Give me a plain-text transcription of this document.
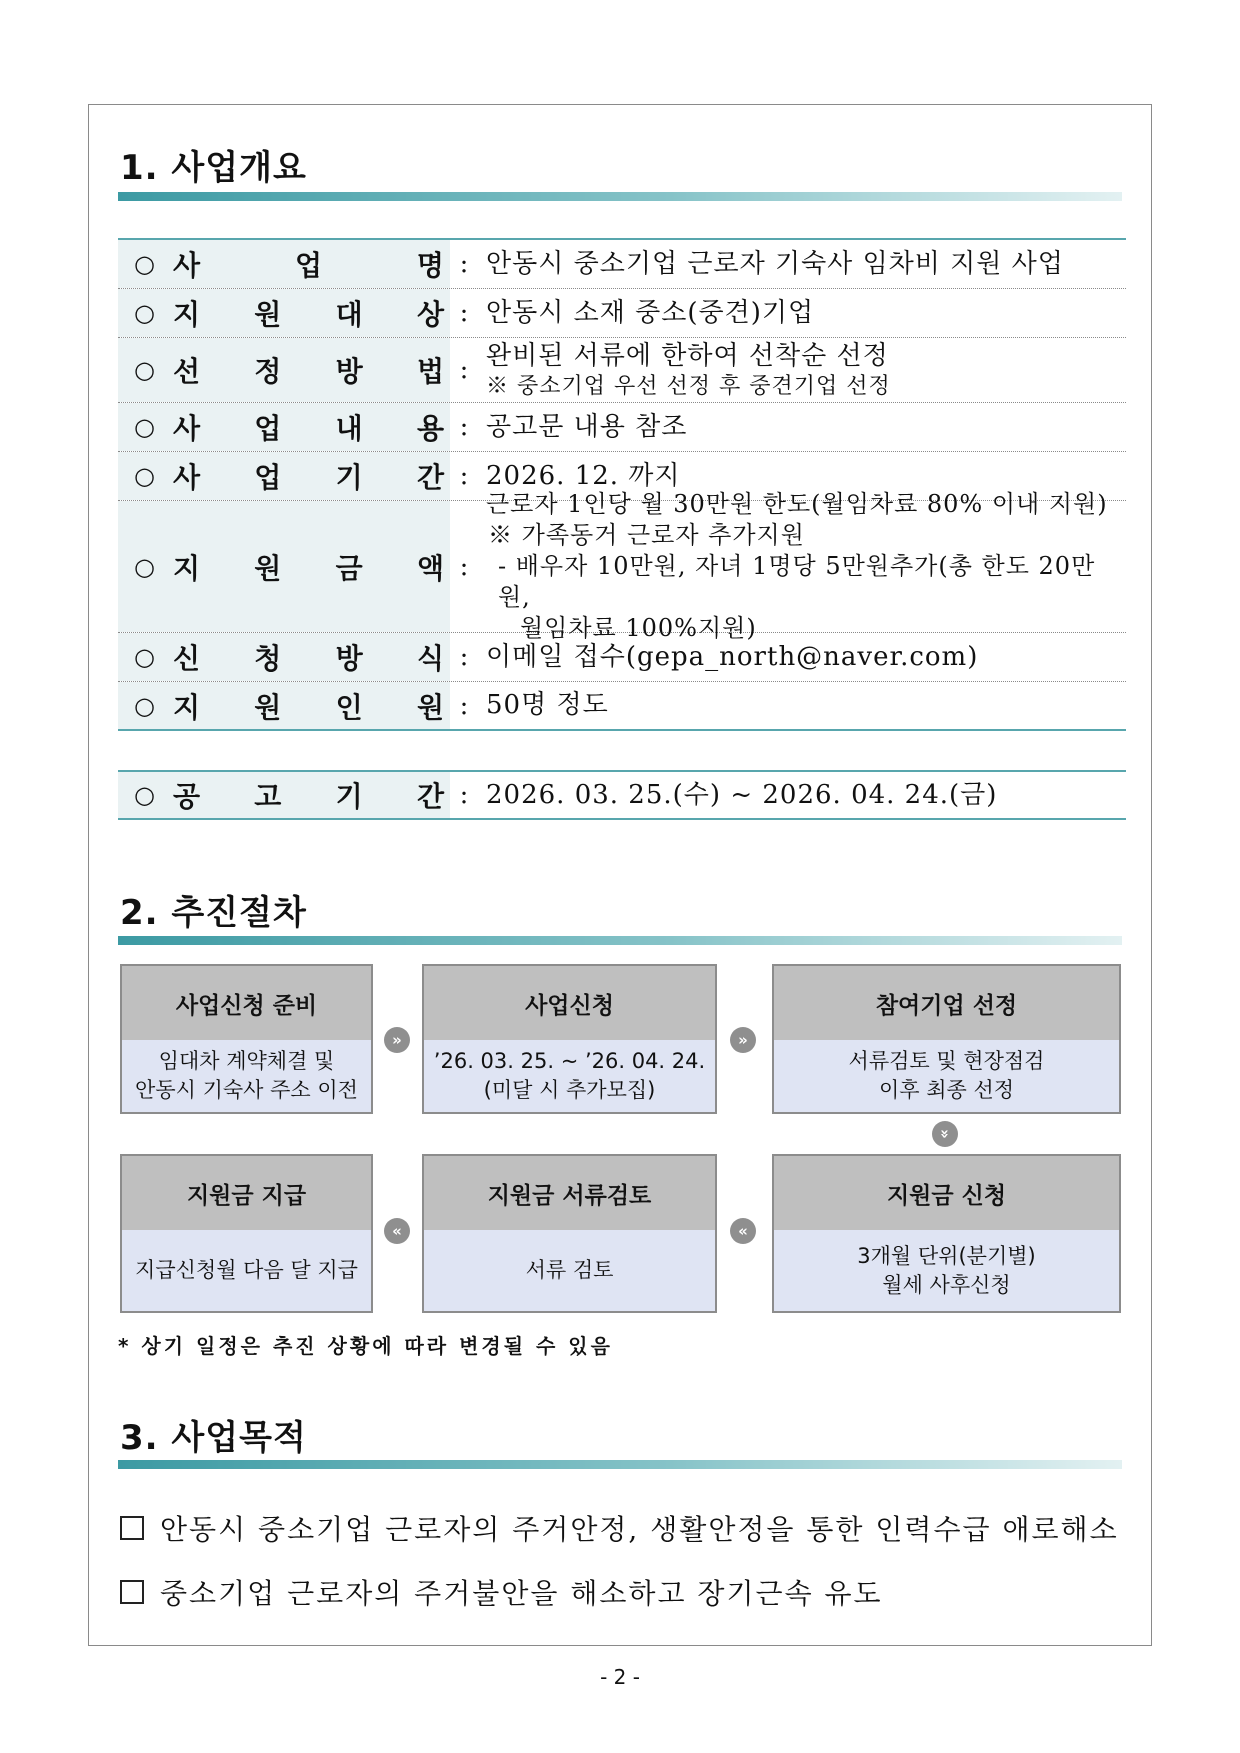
1. 사업개요
○ 사	업	명 : 안동시 중소기업 근로자 기숙사 임차비 지원 사업
○ 지 원 대 상 : 안동시 소재 중소(중견)기업
○ 선 정 방 법 : 완비된 서류에 한하여 선착순 선정
※ 중소기업 우선 선정 후 중견기업 선정
○ 사 업 내 용 : 공고문 내용 참조
○ 사 업 기 간 : 2026. 12. 까지
○ 지 원 금 액 :
근로자 1인당 월 30만원 한도(월임차료 80% 이내 지원)
※ 가족동거 근로자 추가지원
- 배우자 10만원, 자녀 1명당 5만원추가(총 한도 20만원,
월임차료 100%지원)
○ 신 청 방 식 : 이메일 접수(gepa_north@naver.com)
○ 지 원 인 원 : 50명 정도
○ 공 고 기 간 : 2026. 03. 25.(수) ~ 2026. 04. 24.(금)
2. 추진절차
사업신청 준비
임대차 계약체결 및
안동시 기숙사 주소 이전
사업신청
’26. 03. 25. ~ ’26. 04. 24.
(미달 시 추가모집)
참여기업 선정
서류검토 및 현장점검
이후 최종 선정
지원금 지급
지급신청월 다음 달 지급
지원금 서류검토
서류 검토
지원금 신청
3개월 단위(분기별)
월세 사후신청
»	»
»
«	«
* 상기 일정은 추진 상황에 따라 변경될 수 있음
3. 사업목적
안동시 중소기업 근로자의 주거안정, 생활안정을 통한 인력수급 애로해소
중소기업 근로자의 주거불안을 해소하고 장기근속 유도
- 2 -
